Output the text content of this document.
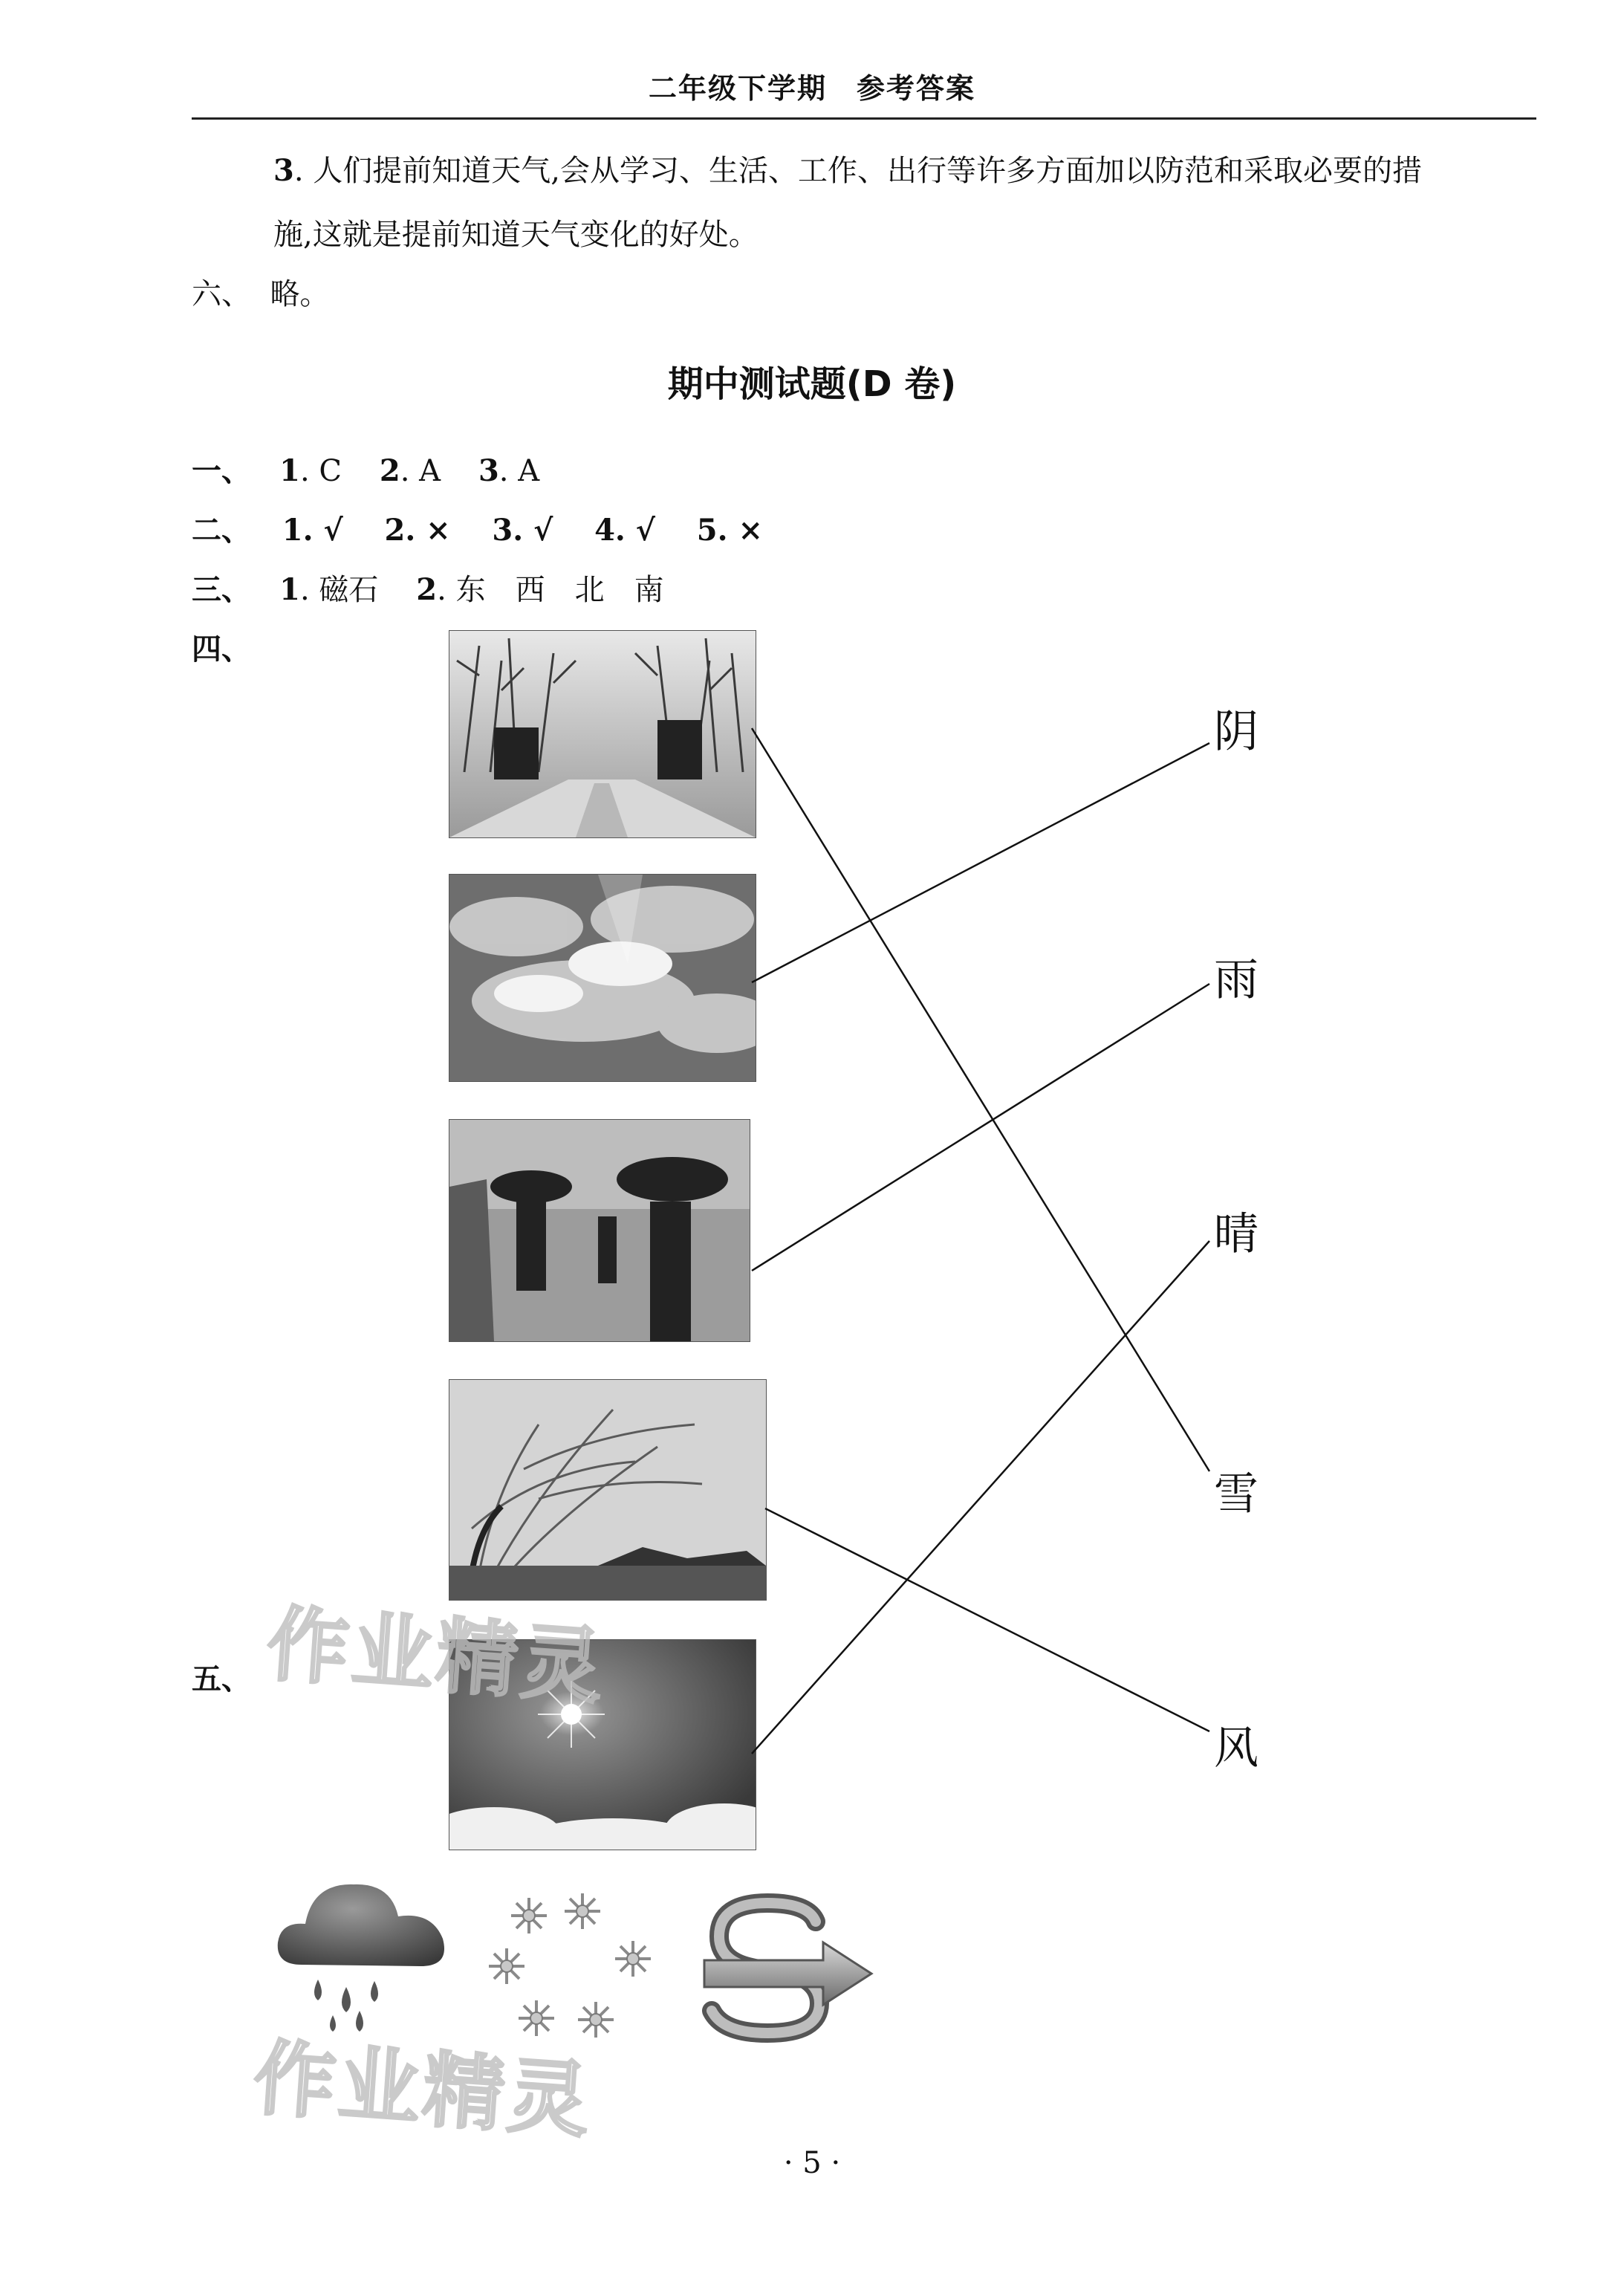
二年级下学期　参考答案
3. 人们提前知道天气,会从学习、生活、工作、出行等许多方面加以防范和采取必要的措
施,这就是提前知道天气变化的好处。
六、 略。
期中测试题(D 卷)
一、 1. C 2. A 3. A
二、 1. √ 2. × 3. √ 4. √ 5. ×
三、 1. 磁石 2. 东　西　北　南
四、
阴
雨
晴
雪
风
五、 作业精灵
作业精灵
· 5 ·
